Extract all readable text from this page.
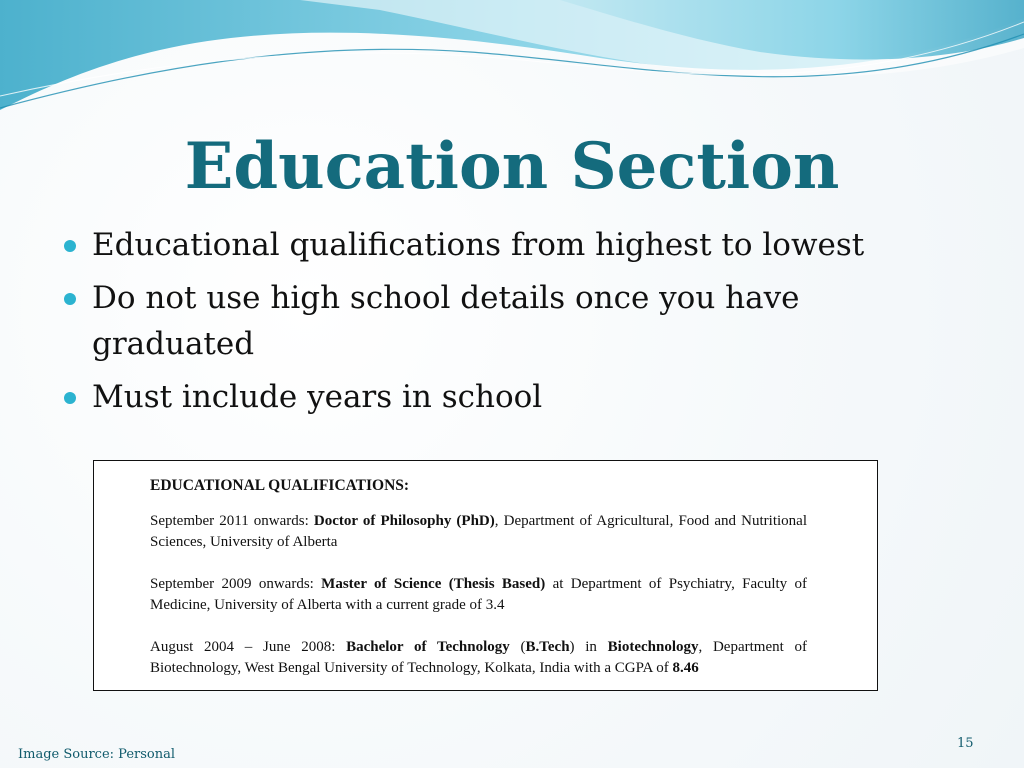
Education Section
Educational qualifications from highest to lowest
Do not use high school details once you have graduated
Must include years in school
EDUCATIONAL QUALIFICATIONS:
September 2011 onwards: Doctor of Philosophy (PhD), Department of Agricultural, Food and Nutritional Sciences, University of Alberta
September 2009 onwards: Master of Science (Thesis Based) at Department of Psychiatry, Faculty of Medicine, University of Alberta with a current grade of 3.4
August 2004 – June 2008: Bachelor of Technology (B.Tech) in Biotechnology, Department of Biotechnology, West Bengal University of Technology, Kolkata, India with a CGPA of 8.46
Image Source: Personal
15
